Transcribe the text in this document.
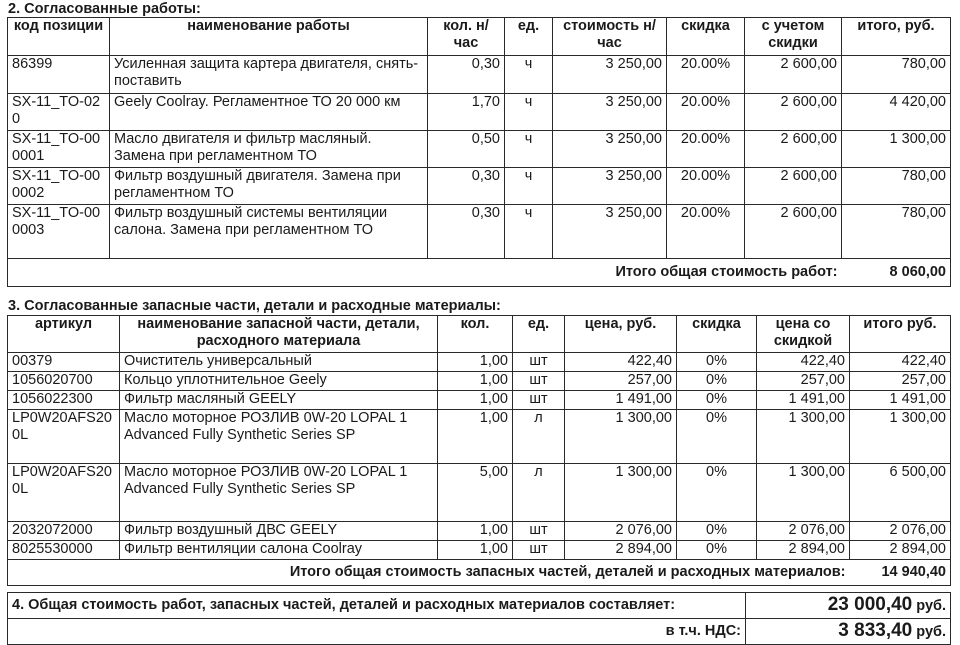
2. Согласованные работы:
код позиции	наименование работы	кол. н/час	ед.	стоимость н/час	скидка	с учетом скидки	итого, руб.
86399	Усиленная защита картера двигателя, снять-поставить	0,30	ч	3 250,00	20.00%	2 600,00	780,00
SX-11_TO-020	Geely Coolray. Регламентное ТО 20 000 км	1,70	ч	3 250,00	20.00%	2 600,00	4 420,00
SX-11_TO-000001	Масло двигателя и фильтр масляный. Замена при регламентном ТО	0,50	ч	3 250,00	20.00%	2 600,00	1 300,00
SX-11_TO-000002	Фильтр воздушный двигателя. Замена при регламентном ТО	0,30	ч	3 250,00	20.00%	2 600,00	780,00
SX-11_TO-000003	Фильтр воздушный системы вентиляции салона. Замена при регламентном ТО	0,30	ч	3 250,00	20.00%	2 600,00	780,00
Итого общая стоимость работ:							8 060,00
3. Согласованные запасные части, детали и расходные материалы:
артикул	наименование запасной части, детали, расходного материала	кол.	ед.	цена, руб.	скидка	цена со скидкой	итого руб.
00379	Очиститель универсальный	1,00	шт	422,40	0%	422,40	422,40
1056020700	Кольцо уплотнительное Geely	1,00	шт	257,00	0%	257,00	257,00
1056022300	Фильтр масляный GEELY	1,00	шт	1 491,00	0%	1 491,00	1 491,00
LP0W20AFS200L	Масло моторное РОЗЛИВ 0W-20 LOPAL 1 Advanced Fully Synthetic Series SP	1,00	л	1 300,00	0%	1 300,00	1 300,00
LP0W20AFS200L	Масло моторное РОЗЛИВ 0W-20 LOPAL 1 Advanced Fully Synthetic Series SP	5,00	л	1 300,00	0%	1 300,00	6 500,00
2032072000	Фильтр воздушный ДВС GEELY	1,00	шт	2 076,00	0%	2 076,00	2 076,00
8025530000	Фильтр вентиляции салона Coolray	1,00	шт	2 894,00	0%	2 894,00	2 894,00
Итого общая стоимость запасных частей, деталей и расходных материалов:							14 940,40
4. Общая стоимость работ, запасных частей, деталей и расходных материалов составляет:	23 000,40 руб.
в т.ч. НДС:	3 833,40 руб.
